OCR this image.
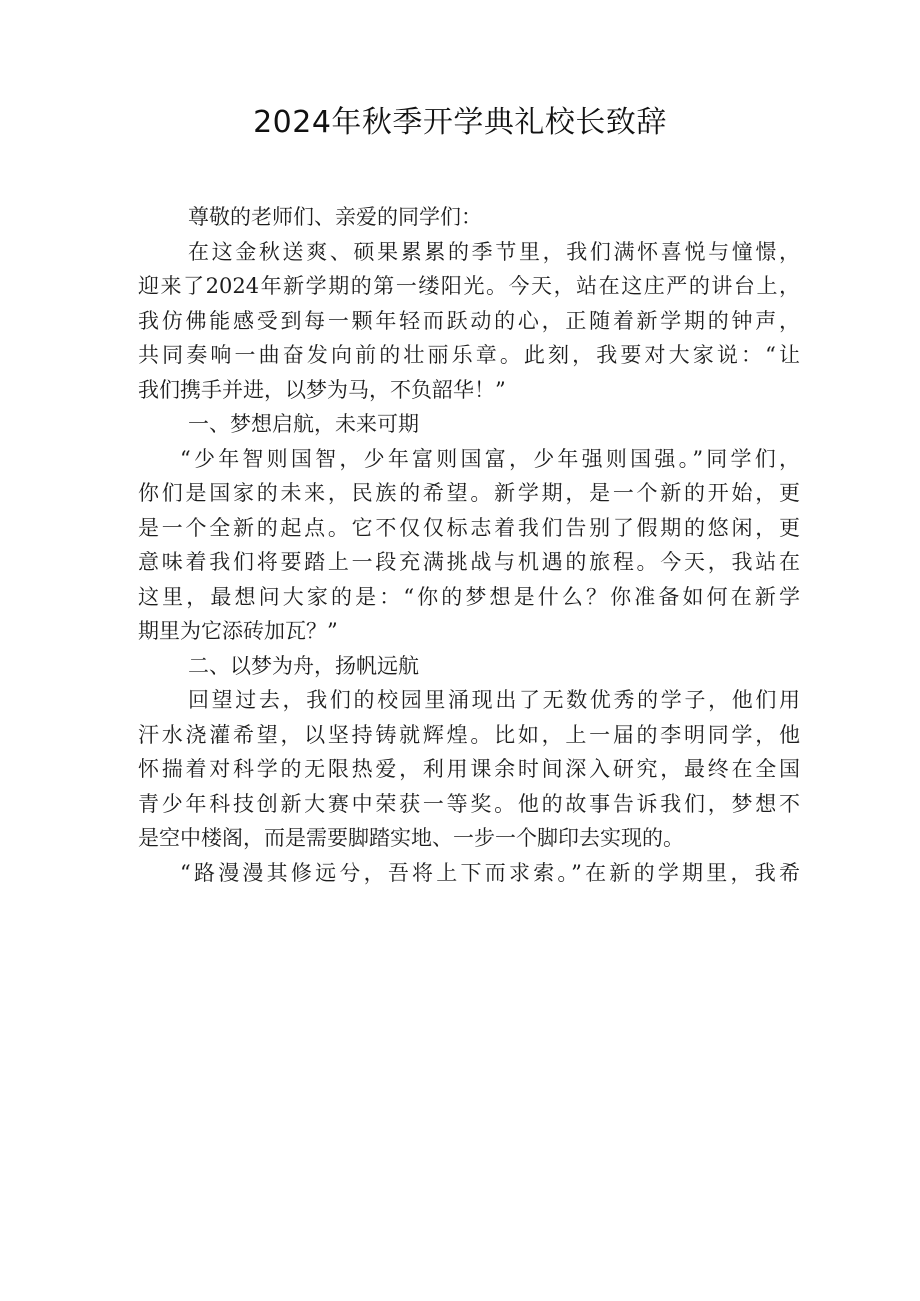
2024年秋季开学典礼校长致辞
尊敬的老师们、亲爱的同学们：
在这金秋送爽、硕果累累的季节里，我们满怀喜悦与憧憬，
迎来了2024年新学期的第一缕阳光。今天，站在这庄严的讲台上，
我仿佛能感受到每一颗年轻而跃动的心，正随着新学期的钟声，
共同奏响一曲奋发向前的壮丽乐章。此刻，我要对大家说：“让
我们携手并进，以梦为马，不负韶华！”
一、梦想启航，未来可期
“少年智则国智，少年富则国富，少年强则国强。”同学们，
你们是国家的未来，民族的希望。新学期，是一个新的开始，更
是一个全新的起点。它不仅仅标志着我们告别了假期的悠闲，更
意味着我们将要踏上一段充满挑战与机遇的旅程。今天，我站在
这里，最想问大家的是：“你的梦想是什么？你准备如何在新学
期里为它添砖加瓦？”
二、以梦为舟，扬帆远航
回望过去，我们的校园里涌现出了无数优秀的学子，他们用
汗水浇灌希望，以坚持铸就辉煌。比如，上一届的李明同学，他
怀揣着对科学的无限热爱，利用课余时间深入研究，最终在全国
青少年科技创新大赛中荣获一等奖。他的故事告诉我们，梦想不
是空中楼阁，而是需要脚踏实地、一步一个脚印去实现的。
“路漫漫其修远兮，吾将上下而求索。”在新的学期里，我希
